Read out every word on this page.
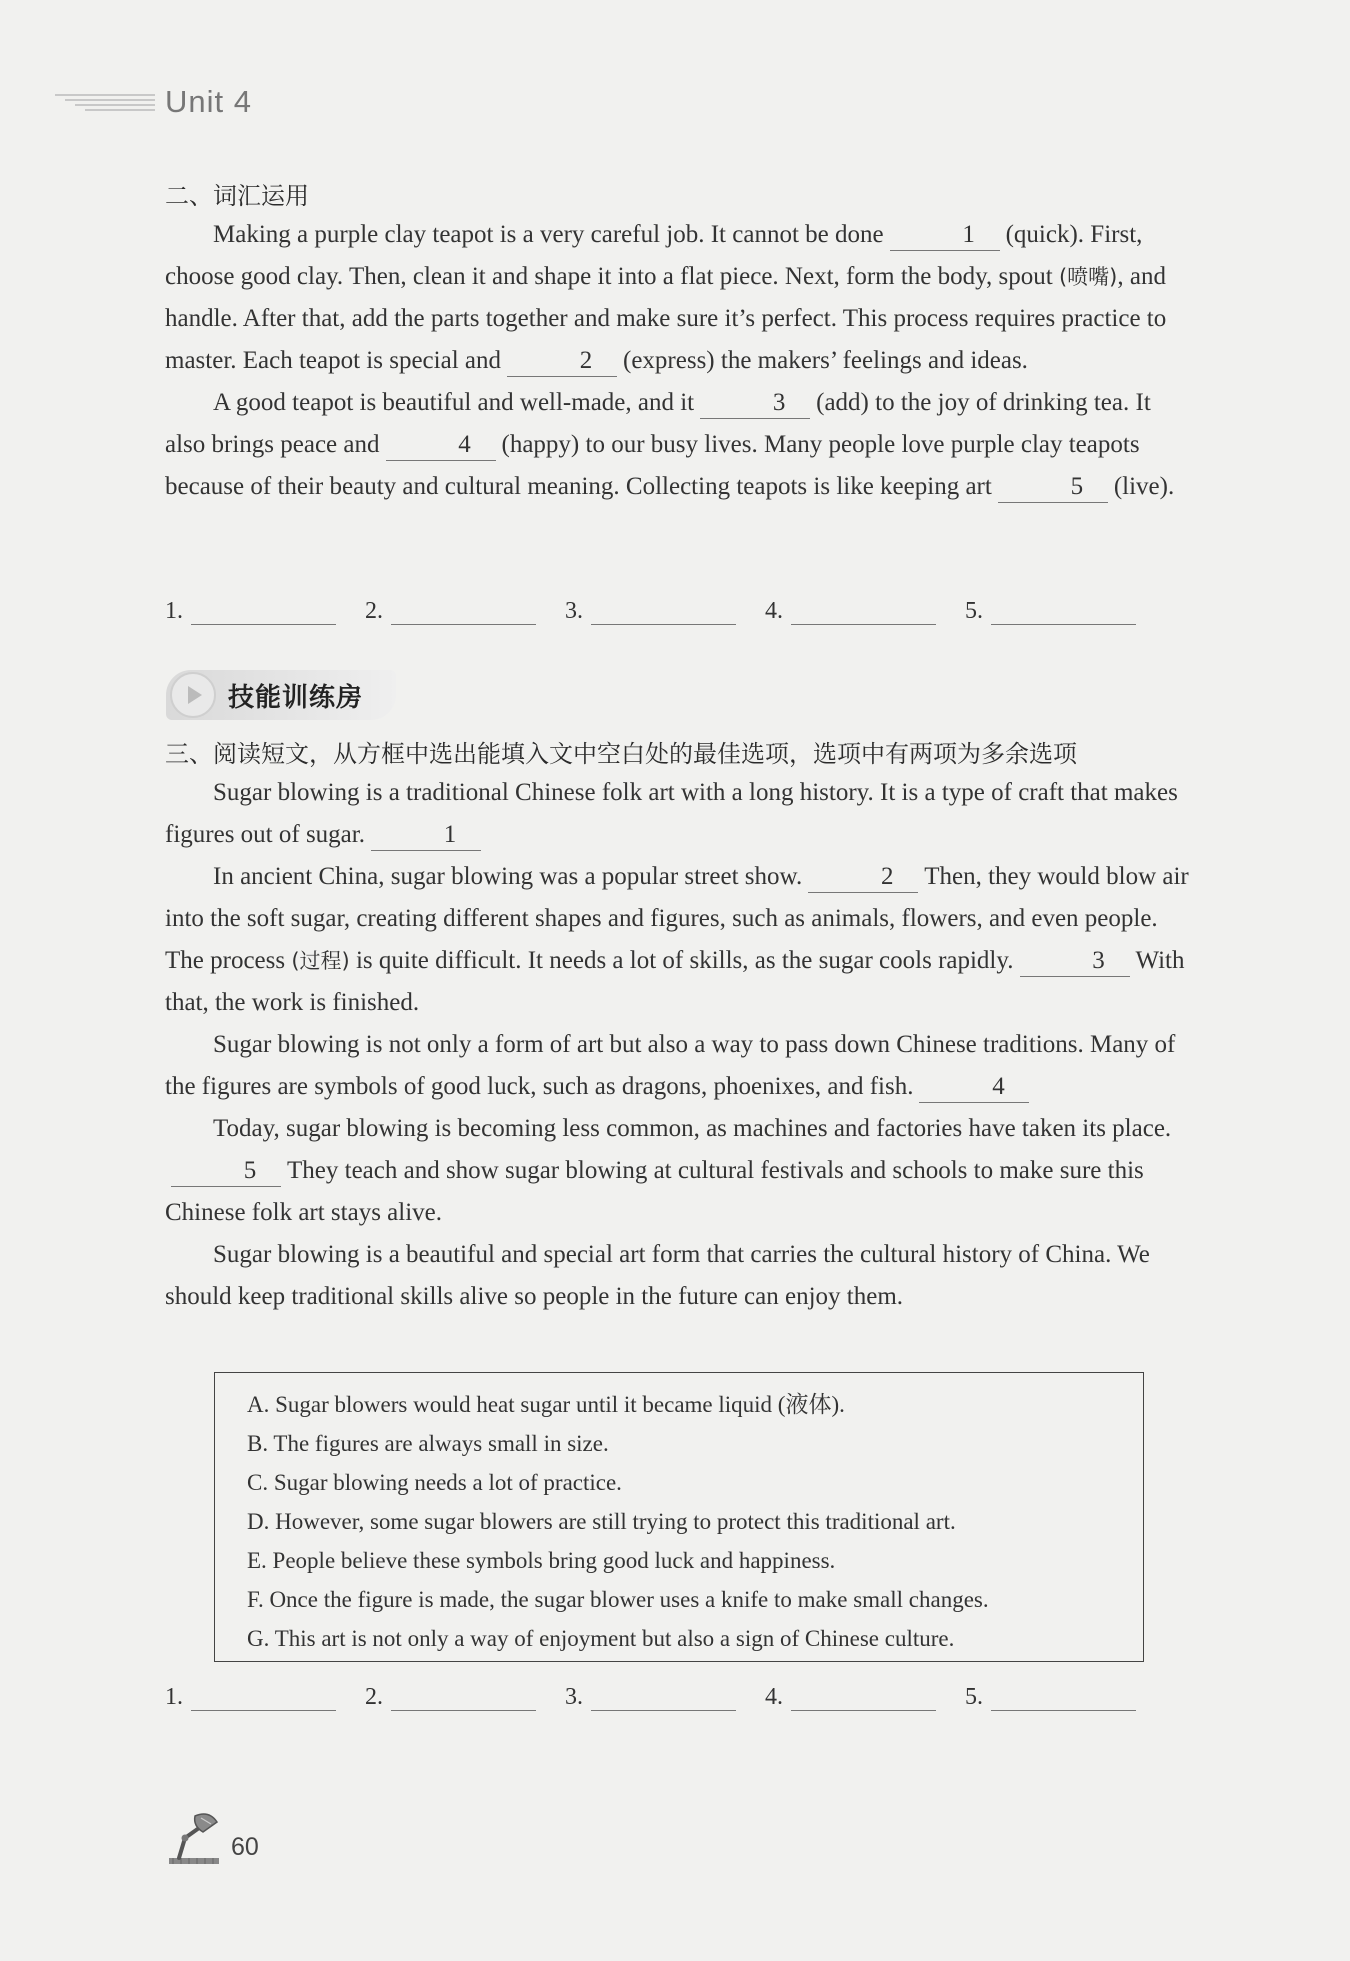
Unit 4
二、词汇运用

Making a purple clay teapot is a very careful job. It cannot be done	1 (quick). First, choose good clay. Then, clean it and shape it into a flat piece. Next, form the body, spout (喷嘴), and handle. After that, add the parts together and make sure it’s perfect. This process requires practice to master. Each teapot is special and	2 (express) the makers’ feelings and ideas.

A good teapot is beautiful and well-made, and it	3 (add) to the joy of drinking tea. It also brings peace and	4 (happy) to our busy lives. Many people love purple clay teapots because of their beauty and cultural meaning. Collecting teapots is like keeping art	5 (live).

1.	2.	3.	4.	5.
技能训练房
三、阅读短文，从方框中选出能填入文中空白处的最佳选项，选项中有两项为多余选项

Sugar blowing is a traditional Chinese folk art with a long history. It is a type of craft that makes figures out of sugar.	1

In ancient China, sugar blowing was a popular street show.	2 Then, they would blow air into the soft sugar, creating different shapes and figures, such as animals, flowers, and even people. The process (过程) is quite difficult. It needs a lot of skills, as the sugar cools rapidly.	3 With that, the work is finished.

Sugar blowing is not only a form of art but also a way to pass down Chinese traditions. Many of the figures are symbols of good luck, such as dragons, phoenixes, and fish.	4

Today, sugar blowing is becoming less common, as machines and factories have taken its place.5 They teach and show sugar blowing at cultural festivals and schools to make sure this Chinese folk art stays alive.

Sugar blowing is a beautiful and special art form that carries the cultural history of China. We should keep traditional skills alive so people in the future can enjoy them.

A. Sugar blowers would heat sugar until it became liquid (液体).
B. The figures are always small in size.
C. Sugar blowing needs a lot of practice.
D. However, some sugar blowers are still trying to protect this traditional art.
E. People believe these symbols bring good luck and happiness.
F. Once the figure is made, the sugar blower uses a knife to make small changes.
G. This art is not only a way of enjoyment but also a sign of Chinese culture.
1.	2.	3.	4.	5.
60
